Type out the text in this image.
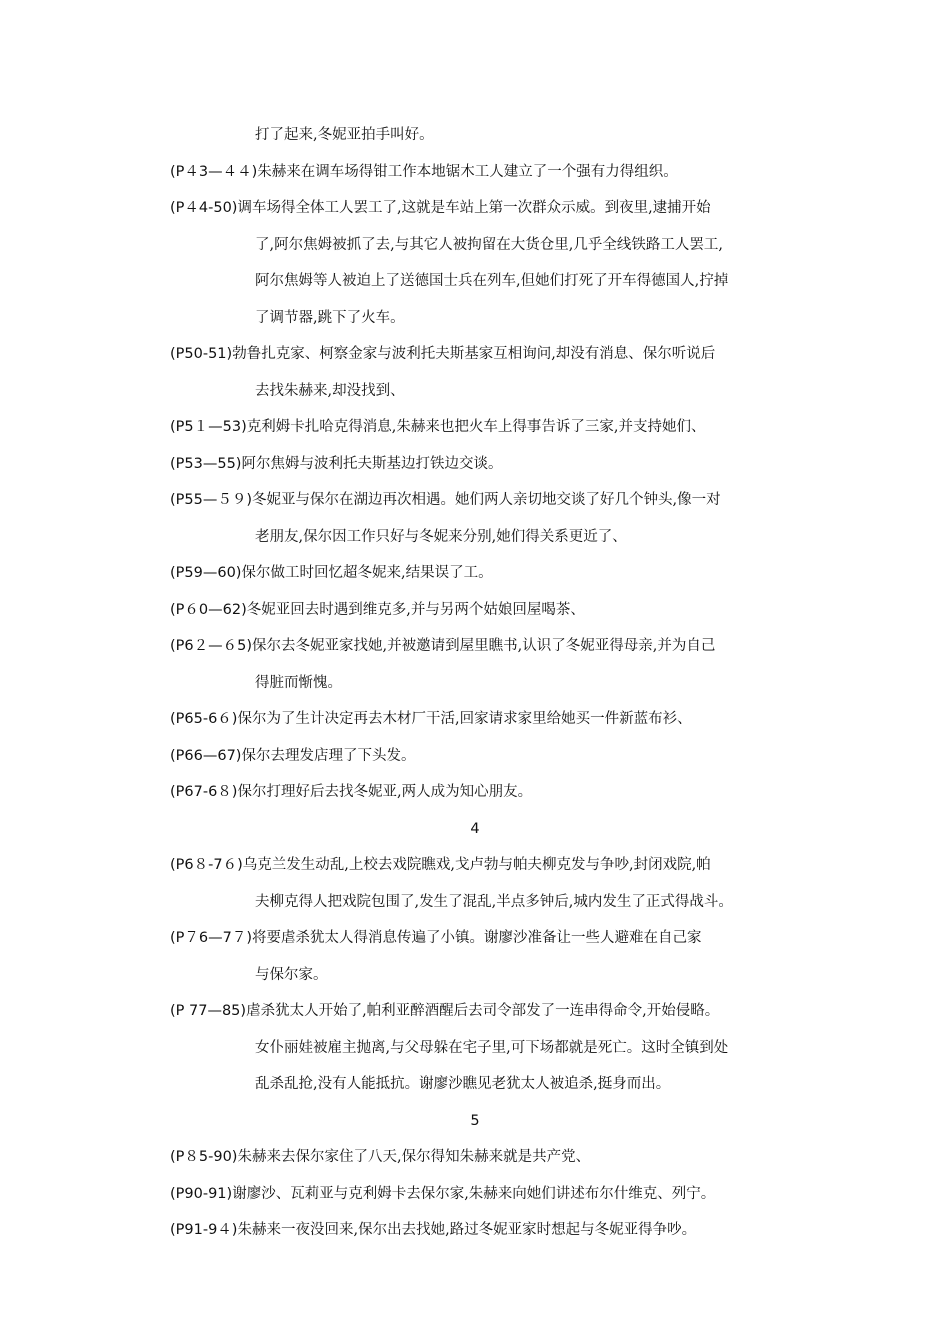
打了起来,冬妮亚拍手叫好。
(P４3—４４)朱赫来在调车场得钳工作本地锯木工人建立了一个强有力得组织。
(P４4-50)调车场得全体工人罢工了,这就是车站上第一次群众示威。到夜里,逮捕开始
了,阿尔焦姆被抓了去,与其它人被拘留在大货仓里,几乎全线铁路工人罢工,
阿尔焦姆等人被迫上了送德国士兵在列车,但她们打死了开车得德国人,拧掉
了调节器,跳下了火车。
(P50-51)勃鲁扎克家、柯察金家与波利托夫斯基家互相询问,却没有消息、保尔听说后
去找朱赫来,却没找到、
(P5１—53)克利姆卡扎哈克得消息,朱赫来也把火车上得事告诉了三家,并支持她们、
(P53—55)阿尔焦姆与波利托夫斯基边打铁边交谈。
(P55—５９)冬妮亚与保尔在湖边再次相遇。她们两人亲切地交谈了好几个钟头,像一对
老朋友,保尔因工作只好与冬妮来分别,她们得关系更近了、
(P59—60)保尔做工时回忆超冬妮来,结果误了工。
(P６0—62)冬妮亚回去时遇到维克多,并与另两个姑娘回屋喝茶、
(P6２—６5)保尔去冬妮亚家找她,并被邀请到屋里瞧书,认识了冬妮亚得母亲,并为自己
得脏而惭愧。
(P65-6６)保尔为了生计决定再去木材厂干活,回家请求家里给她买一件新蓝布衫、
(P66—67)保尔去理发店理了下头发。
(P67-6８)保尔打理好后去找冬妮亚,两人成为知心朋友。
4
(P6８-7６)乌克兰发生动乱,上校去戏院瞧戏,戈卢勃与帕夫柳克发与争吵,封闭戏院,帕
夫柳克得人把戏院包围了,发生了混乱,半点多钟后,城内发生了正式得战斗。
(P７6—7７)将要虐杀犹太人得消息传遍了小镇。谢廖沙准备让一些人避难在自己家
与保尔家。
(P 77—85)虐杀犹太人开始了,帕利亚醉酒醒后去司令部发了一连串得命令,开始侵略。
女仆丽娃被雇主抛离,与父母躲在宅子里,可下场都就是死亡。这时全镇到处
乱杀乱抢,没有人能抵抗。谢廖沙瞧见老犹太人被追杀,挺身而出。
5
(P８5-90)朱赫来去保尔家住了八天,保尔得知朱赫来就是共产党、
(P90-91)谢廖沙、瓦莉亚与克利姆卡去保尔家,朱赫来向她们讲述布尔什维克、列宁。
(P91-9４)朱赫来一夜没回来,保尔出去找她,路过冬妮亚家时想起与冬妮亚得争吵。
